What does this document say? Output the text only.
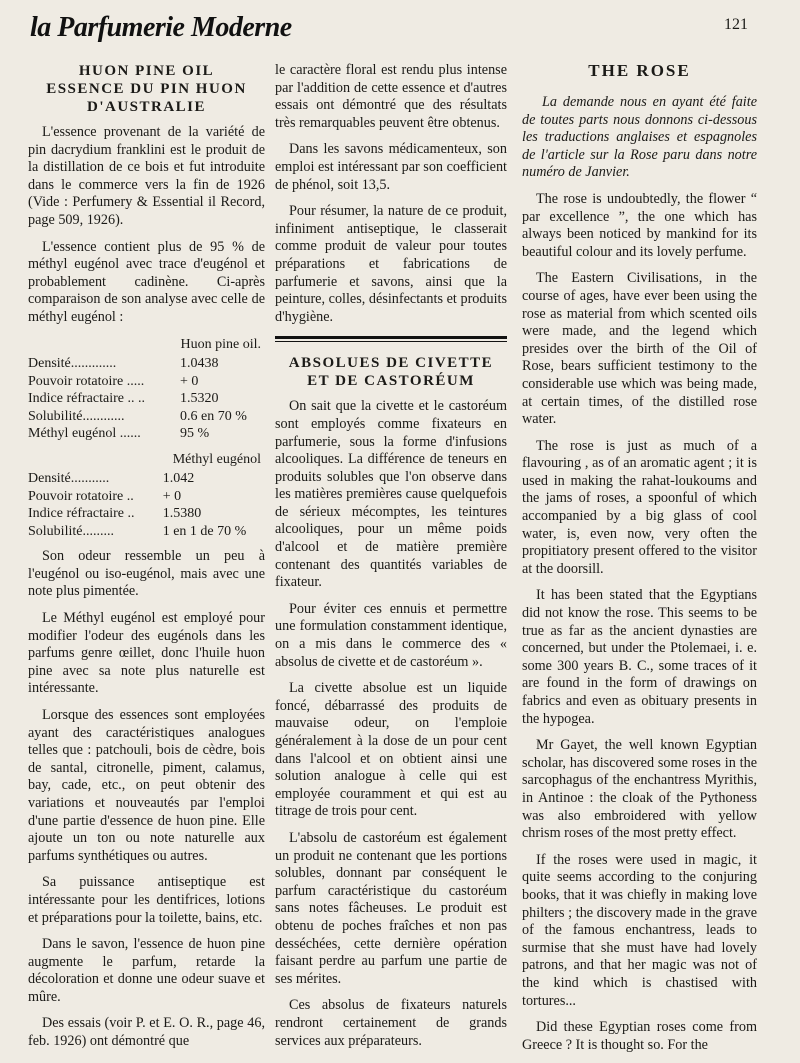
la Parfumerie Moderne	121
HUON PINE OIL
ESSENCE DU PIN HUON
D'AUSTRALIE

L'essence provenant de la variété de pin dacrydium franklini est le produit de la distillation de ce bois et fut introduite dans le commerce vers la fin de 1926 (Vide : Perfumery & Essential il Record, page 509, 1926).

L'essence contient plus de 95 % de méthyl eugénol avec trace d'eugénol et probablement cadinène. Ci-après comparaison de son analyse avec celle de méthyl eugénol :

Huon pine oil.
Densité.............	1.0438
Pouvoir rotatoire .....	+ 0
Indice réfractaire .. ..	1.5320
Solubilité............	0.6 en 70 %
Méthyl eugénol ......	95 %
Méthyl eugénol
Densité...........	1.042
Pouvoir rotatoire ..	+ 0
Indice réfractaire ..	1.5380
Solubilité.........	1 en 1 de 70 %

Son odeur ressemble un peu à l'eugénol ou iso-eugénol, mais avec une note plus pimentée.

Le Méthyl eugénol est employé pour modifier l'odeur des eugénols dans les parfums genre œillet, donc l'huile huon pine avec sa note plus naturelle est intéressante.

Lorsque des essences sont employées ayant des caractéristiques analogues telles que : patchouli, bois de cèdre, bois de santal, citronelle, piment, calamus, bay, cade, etc., on peut obtenir des variations et nouveautés par l'emploi d'une partie d'essence de huon pine. Elle ajoute un ton ou note naturelle aux parfums synthétiques ou autres.

Sa puissance antiseptique est intéressante pour les dentifrices, lotions et préparations pour la toilette, bains, etc.

Dans le savon, l'essence de huon pine augmente le parfum, retarde la décoloration et donne une odeur suave et mûre.

Des essais (voir P. et E. O. R., page 46, feb. 1926) ont démontré que

le caractère floral est rendu plus intense par l'addition de cette essence et d'autres essais ont démontré que des résultats très remarquables peuvent être obtenus.

Dans les savons médicamenteux, son emploi est intéressant par son coefficient de phénol, soit 13,5.

Pour résumer, la nature de ce produit, infiniment antiseptique, le classerait comme produit de valeur pour toutes préparations et fabrications de parfumerie et savons, ainsi que la peinture, colles, désinfectants et produits d'hygiène.

ABSOLUES DE CIVETTE
ET DE CASTORÉUM

On sait que la civette et le castoréum sont employés comme fixateurs en parfumerie, sous la forme d'infusions alcooliques. La différence de teneurs en produits solubles que l'on observe dans les matières premières cause quelquefois de sérieux mécomptes, les teintures alcooliques, pour un même poids d'alcool et de matière première contenant des quantités variables de fixateur.

Pour éviter ces ennuis et permettre une formulation constamment identique, on a mis dans le commerce des « absolus de civette et de castoréum ».

La civette absolue est un liquide foncé, débarrassé des produits de mauvaise odeur, on l'emploie généralement à la dose de un pour cent dans l'alcool et on obtient ainsi une solution analogue à celle qui est employée couramment et qui est au titrage de trois pour cent.

L'absolu de castoréum est également un produit ne contenant que les portions solubles, donnant par conséquent le parfum caractéristique du castoréum sans notes fâcheuses. Le produit est obtenu de poches fraîches et non pas desséchées, cette dernière opération faisant perdre au parfum une partie de ses mérites.

Ces absolus de fixateurs naturels rendront certainement de grands services aux préparateurs.

THE ROSE

La demande nous en ayant été faite de toutes parts nous donnons ci-dessous les traductions anglaises et espagnoles de l'article sur la Rose paru dans notre numéro de Janvier.

The rose is undoubtedly, the flower “ par excellence ”, the one which has always been noticed by mankind for its beautiful colour and its lovely perfume.

The Eastern Civilisations, in the course of ages, have ever been using the rose as material from which scented oils were made, and the legend which presides over the birth of the Oil of Rose, bears sufficient testimony to the considerable use which was being made, at certain times, of the distilled rose water.

The rose is just as much of a flavouring , as of an aromatic agent ; it is used in making the rahat-loukoums and the jams of roses, a spoonful of which accompanied by a big glass of cool water, is, even now, very often the propitiatory present offered to the visitor at the doorsill.

It has been stated that the Egyptians did not know the rose. This seems to be true as far as the ancient dynasties are concerned, but under the Ptolemaei, i. e. some 300 years B. C., some traces of it are found in the form of drawings on fabrics and even as obituary presents in the hypogea.

Mr Gayet, the well known Egyptian scholar, has discovered some roses in the sarcophagus of the enchantress Myrithis, in Antinoe : the cloak of the Pythoness was also embroidered with yellow chrism roses of the most pretty effect.

If the roses were used in magic, it quite seems according to the conjuring books, that it was chiefly in making love philters ; the discovery made in the grave of the famous enchantress, leads to surmise that she must have had lovely patrons, and that her magic was not of the kind which is chastised with tortures...

Did these Egyptian roses come from Greece ? It is thought so. For the
